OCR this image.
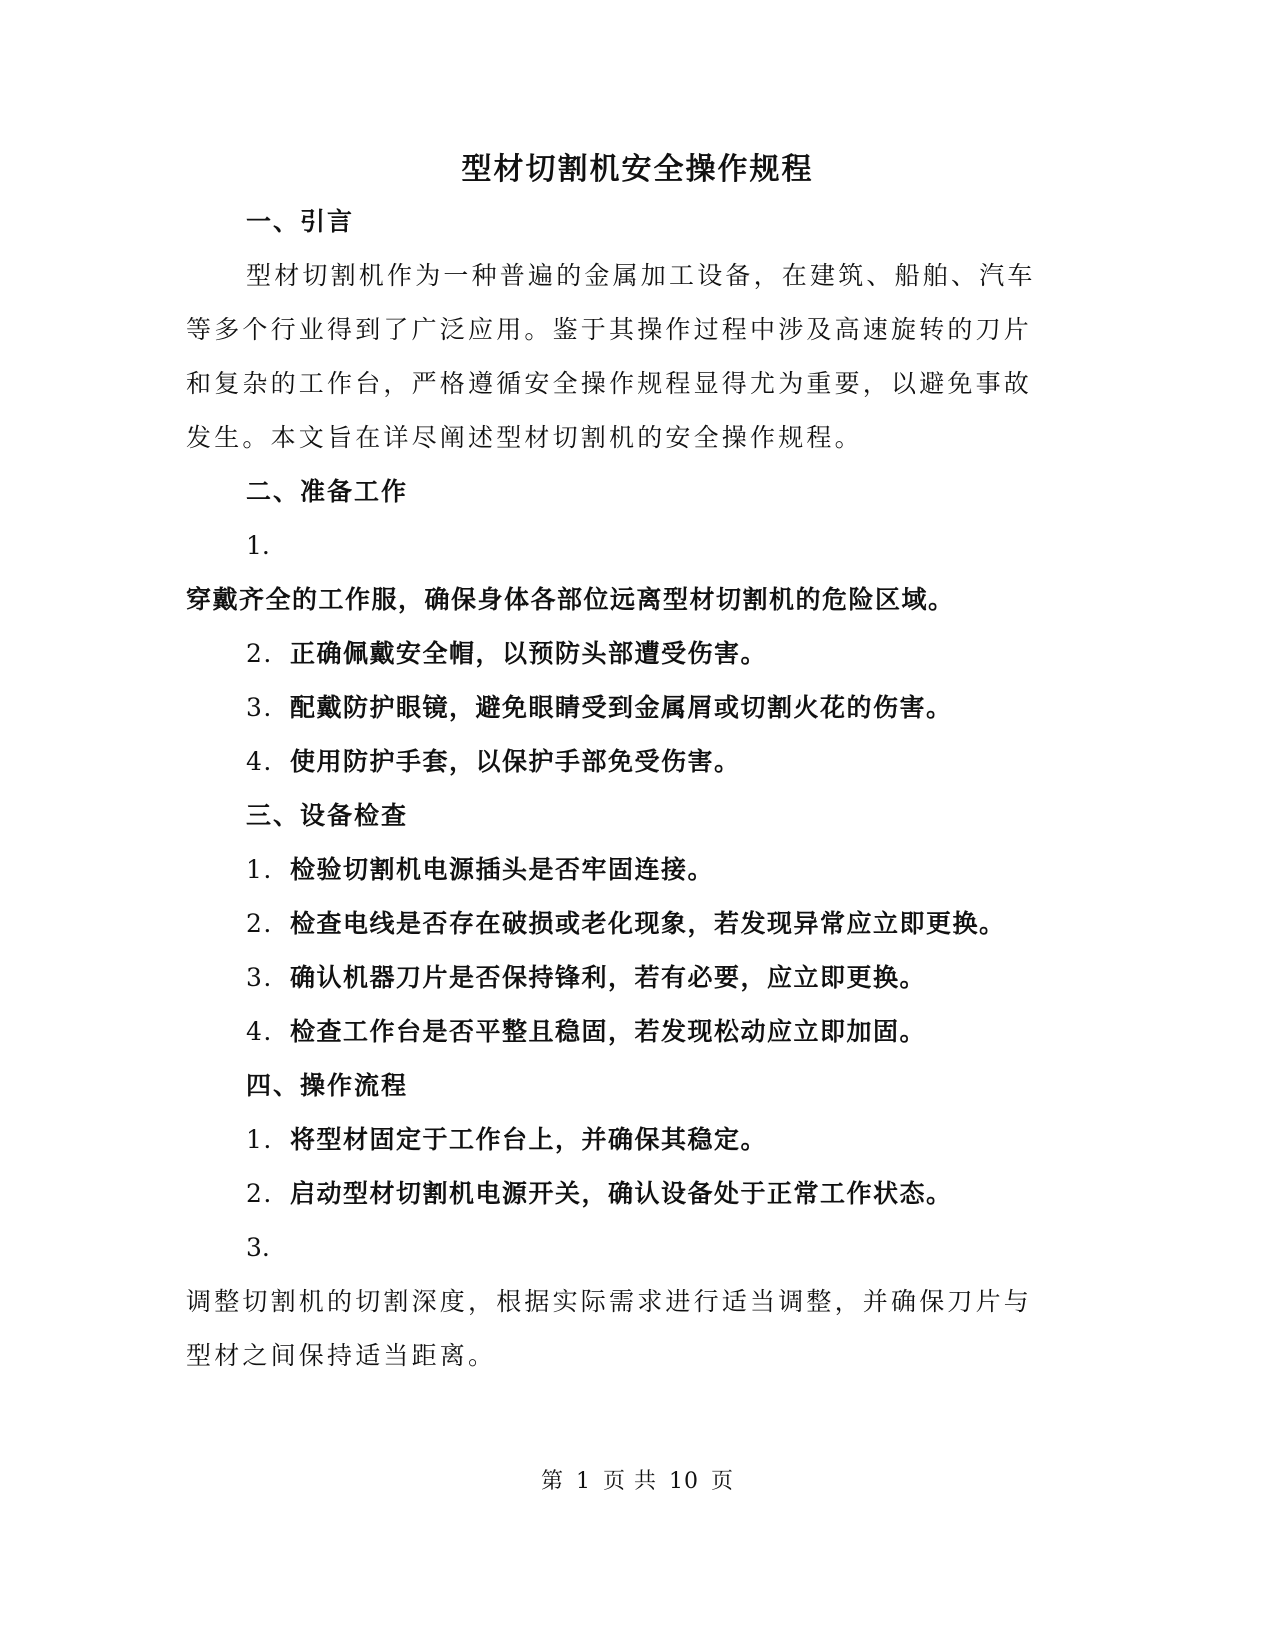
型材切割机安全操作规程

一、引言

型材切割机作为一种普遍的金属加工设备，在建筑、船舶、汽车

等多个行业得到了广泛应用。鉴于其操作过程中涉及高速旋转的刀片

和复杂的工作台，严格遵循安全操作规程显得尤为重要，以避免事故

发生。本文旨在详尽阐述型材切割机的安全操作规程。

二、准备工作

1.

穿戴齐全的工作服，确保身体各部位远离型材切割机的危险区域。

2. 正确佩戴安全帽，以预防头部遭受伤害。

3. 配戴防护眼镜，避免眼睛受到金属屑或切割火花的伤害。

4. 使用防护手套，以保护手部免受伤害。

三、设备检查

1. 检验切割机电源插头是否牢固连接。

2. 检查电线是否存在破损或老化现象，若发现异常应立即更换。

3. 确认机器刀片是否保持锋利，若有必要，应立即更换。

4. 检查工作台是否平整且稳固，若发现松动应立即加固。

四、操作流程

1. 将型材固定于工作台上，并确保其稳定。

2. 启动型材切割机电源开关，确认设备处于正常工作状态。

3.

调整切割机的切割深度，根据实际需求进行适当调整，并确保刀片与

型材之间保持适当距离。

第 1 页 共 10 页
